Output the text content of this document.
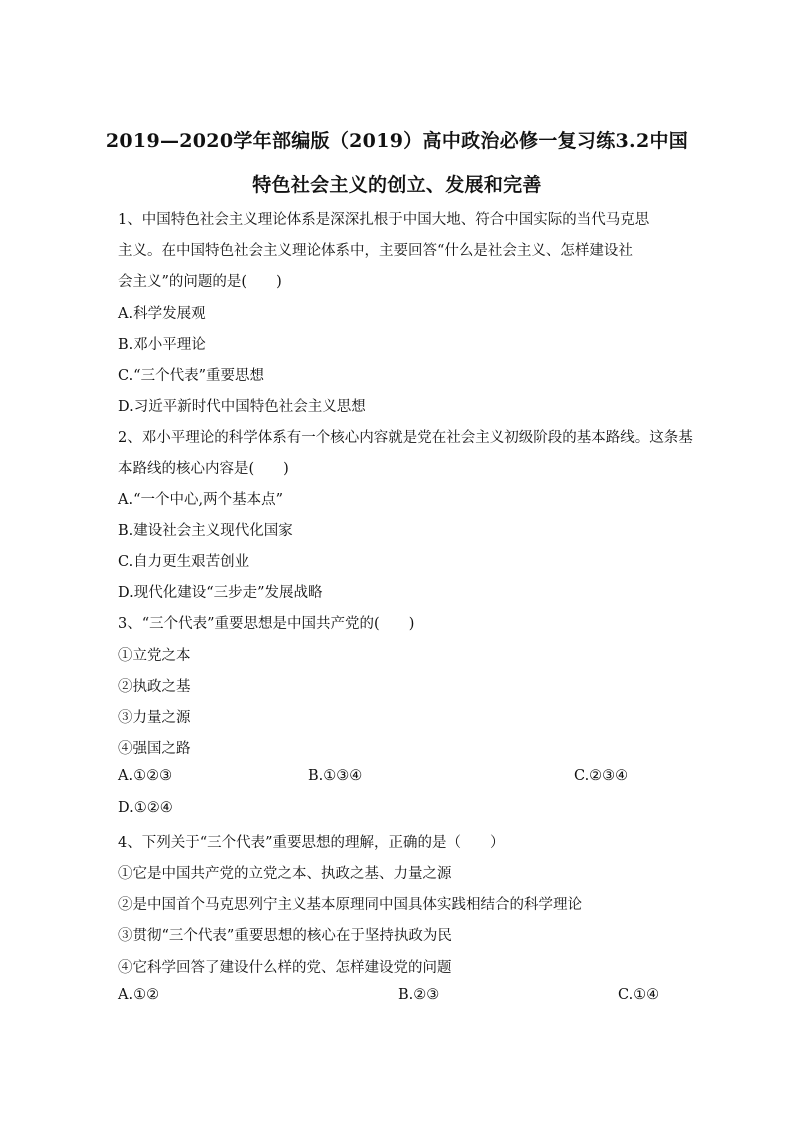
2019—2020学年部编版（2019）高中政治必修一复习练3.2中国
特色社会主义的创立、发展和完善
1、中国特色社会主义理论体系是深深扎根于中国大地、符合中国实际的当代马克思
主义。在中国特色社会主义理论体系中，主要回答“什么是社会主义、怎样建设社
会主义”的问题的是(　　)
A.科学发展观
B.邓小平理论
C.“三个代表”重要思想
D.习近平新时代中国特色社会主义思想
2、邓小平理论的科学体系有一个核心内容就是党在社会主义初级阶段的基本路线。这条基
本路线的核心内容是(　　)
A.“一个中心,两个基本点”
B.建设社会主义现代化国家
C.自力更生艰苦创业
D.现代化建设“三步走”发展战略
3、“三个代表”重要思想是中国共产党的(　　)
①立党之本
②执政之基
③力量之源
④强国之路
A.①②③	B.①③④	C.②③④
D.①②④
4、下列关于“三个代表”重要思想的理解，正确的是（　　）
①它是中国共产党的立党之本、执政之基、力量之源
②是中国首个马克思列宁主义基本原理同中国具体实践相结合的科学理论
③贯彻“三个代表”重要思想的核心在于坚持执政为民
④它科学回答了建设什么样的党、怎样建设党的问题
A.①②	B.②③	C.①④
